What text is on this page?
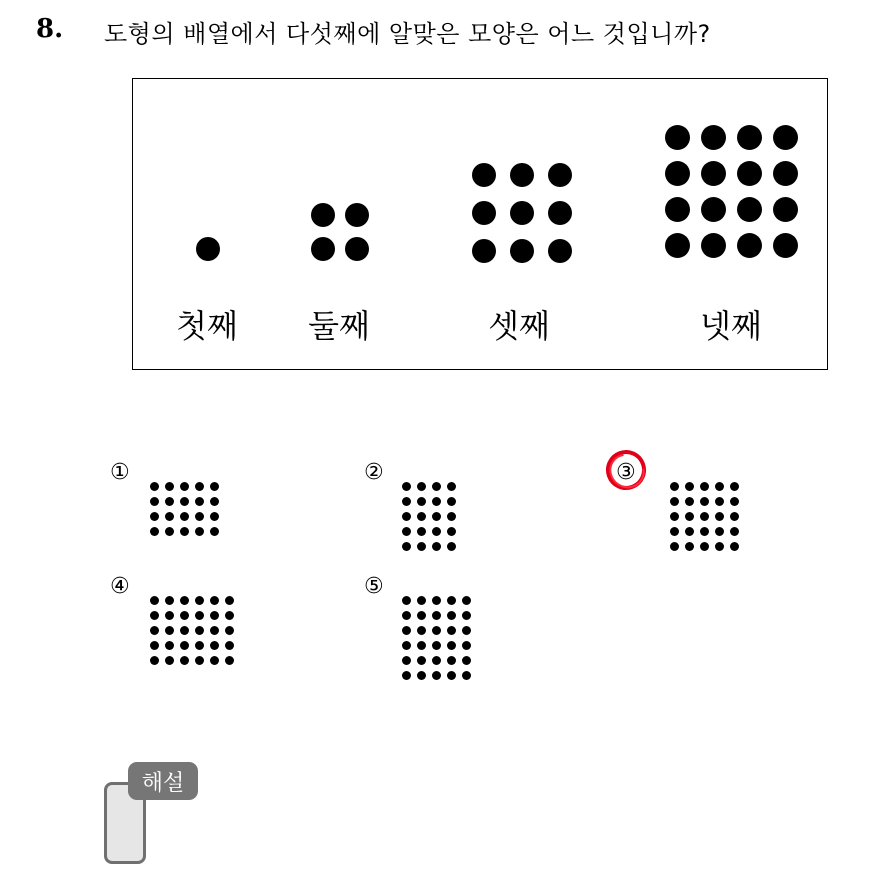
8. 도형의 배열에서 다섯째에 알맞은 모양은 어느 것입니까?
첫째 둘째	셋째	넷째
①	②	③
④	⑤
해설
